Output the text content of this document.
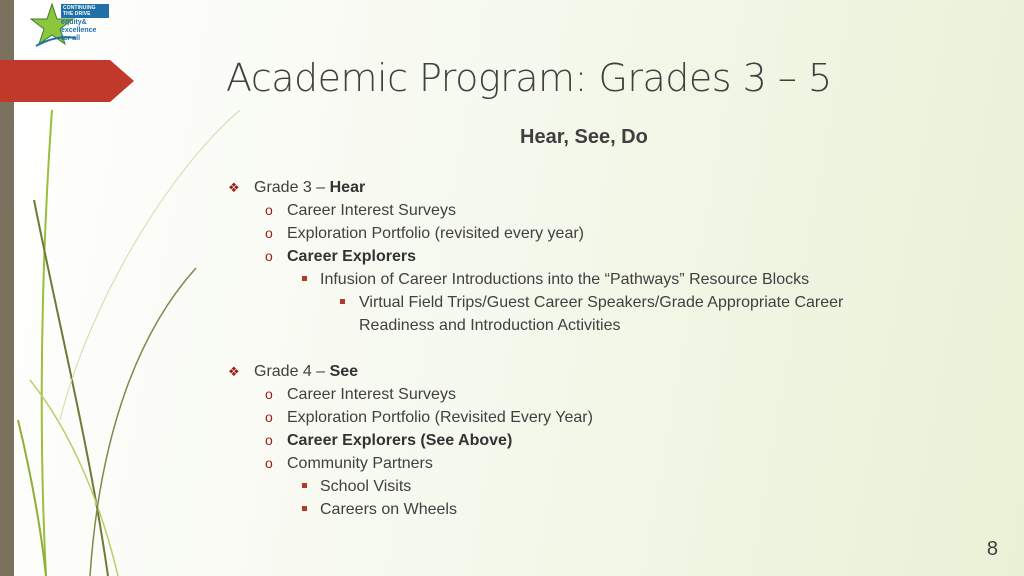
CONTINUING
THE DRIVE
equity&
excellence
for all
Academic Program: Grades 3 – 5
Hear, See, Do
❖ Grade 3 – Hear
o Career Interest Surveys
o Exploration Portfolio (revisited every year)
o Career Explorers
Infusion of Career Introductions into the “Pathways” Resource Blocks
Virtual Field Trips/Guest Career Speakers/Grade Appropriate Career
Readiness and Introduction Activities
❖ Grade 4 – See
o Career Interest Surveys
o Exploration Portfolio (Revisited Every Year)
o Career Explorers (See Above)
o Community Partners
School Visits
Careers on Wheels
8
